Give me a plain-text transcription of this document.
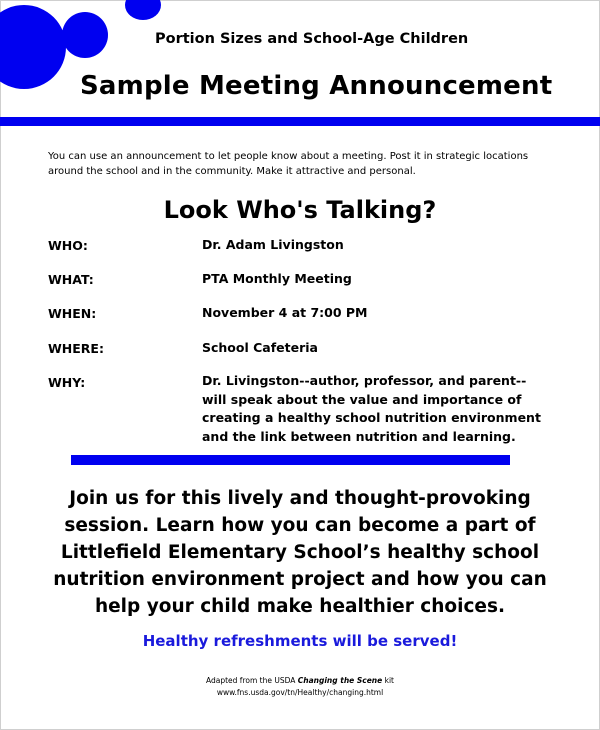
Portion Sizes and School-Age Children
Sample Meeting Announcement
You can use an announcement to let people know about a meeting. Post it in strategic locations
around the school and in the community. Make it attractive and personal.
Look Who's Talking?
WHO:	Dr. Adam Livingston
WHAT:	PTA Monthly Meeting
WHEN:	November 4 at 7:00 PM
WHERE:	School Cafeteria
WHY:	Dr. Livingston--author, professor, and parent--
will speak about the value and importance of
creating a healthy school nutrition environment
and the link between nutrition and learning.
Join us for this lively and thought-provoking
session. Learn how you can become a part of
Littlefield Elementary School’s healthy school
nutrition environment project and how you can
help your child make healthier choices.
Healthy refreshments will be served!
Adapted from the USDA Changing the Scene kit
www.fns.usda.gov/tn/Healthy/changing.html
